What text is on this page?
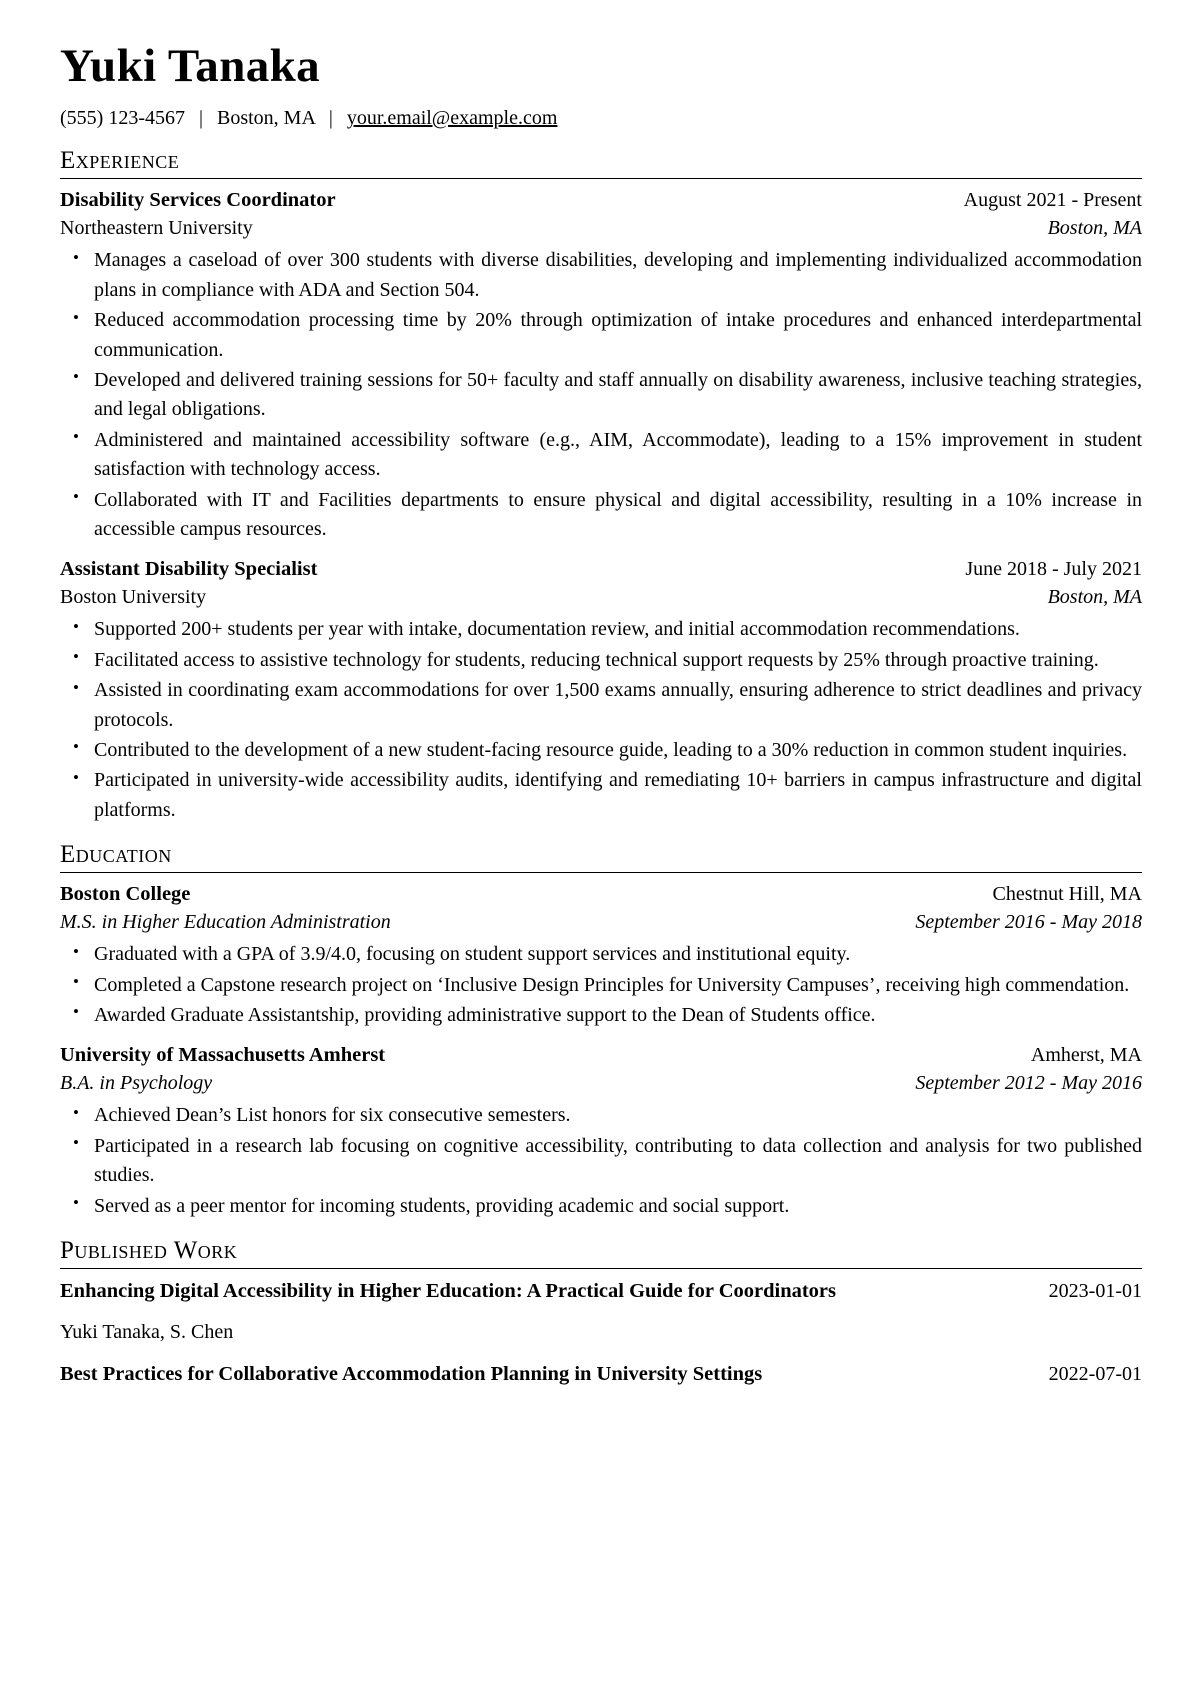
Yuki Tanaka
(555) 123-4567 | Boston, MA | your.email@example.com
Experience
Disability Services Coordinator	August 2021 - Present
Northeastern University	Boston, MA
• Manages a caseload of over 300 students with diverse disabilities, developing and implementing individualized accommodation plans in compliance with ADA and Section 504.
• Reduced accommodation processing time by 20% through optimization of intake procedures and enhanced interdepartmental communication.
• Developed and delivered training sessions for 50+ faculty and staff annually on disability awareness, inclusive teaching strategies, and legal obligations.
• Administered and maintained accessibility software (e.g., AIM, Accommodate), leading to a 15% improvement in student satisfaction with technology access.
• Collaborated with IT and Facilities departments to ensure physical and digital accessibility, resulting in a 10% increase in accessible campus resources.
Assistant Disability Specialist	June 2018 - July 2021
Boston University	Boston, MA
• Supported 200+ students per year with intake, documentation review, and initial accommodation recommendations.
• Facilitated access to assistive technology for students, reducing technical support requests by 25% through proactive training.
• Assisted in coordinating exam accommodations for over 1,500 exams annually, ensuring adherence to strict deadlines and privacy protocols.
• Contributed to the development of a new student-facing resource guide, leading to a 30% reduction in common student inquiries.
• Participated in university-wide accessibility audits, identifying and remediating 10+ barriers in campus infrastructure and digital platforms.
Education
Boston College	Chestnut Hill, MA
M.S. in Higher Education Administration	September 2016 - May 2018
• Graduated with a GPA of 3.9/4.0, focusing on student support services and institutional equity.
• Completed a Capstone research project on ‘Inclusive Design Principles for University Campuses’, receiving high commendation.
• Awarded Graduate Assistantship, providing administrative support to the Dean of Students office.
University of Massachusetts Amherst	Amherst, MA
B.A. in Psychology	September 2012 - May 2016
• Achieved Dean’s List honors for six consecutive semesters.
• Participated in a research lab focusing on cognitive accessibility, contributing to data collection and analysis for two published studies.
• Served as a peer mentor for incoming students, providing academic and social support.
Published Work
Enhancing Digital Accessibility in Higher Education: A Practical Guide for Coordinators	2023-01-01
Yuki Tanaka, S. Chen
Best Practices for Collaborative Accommodation Planning in University Settings	2022-07-01
